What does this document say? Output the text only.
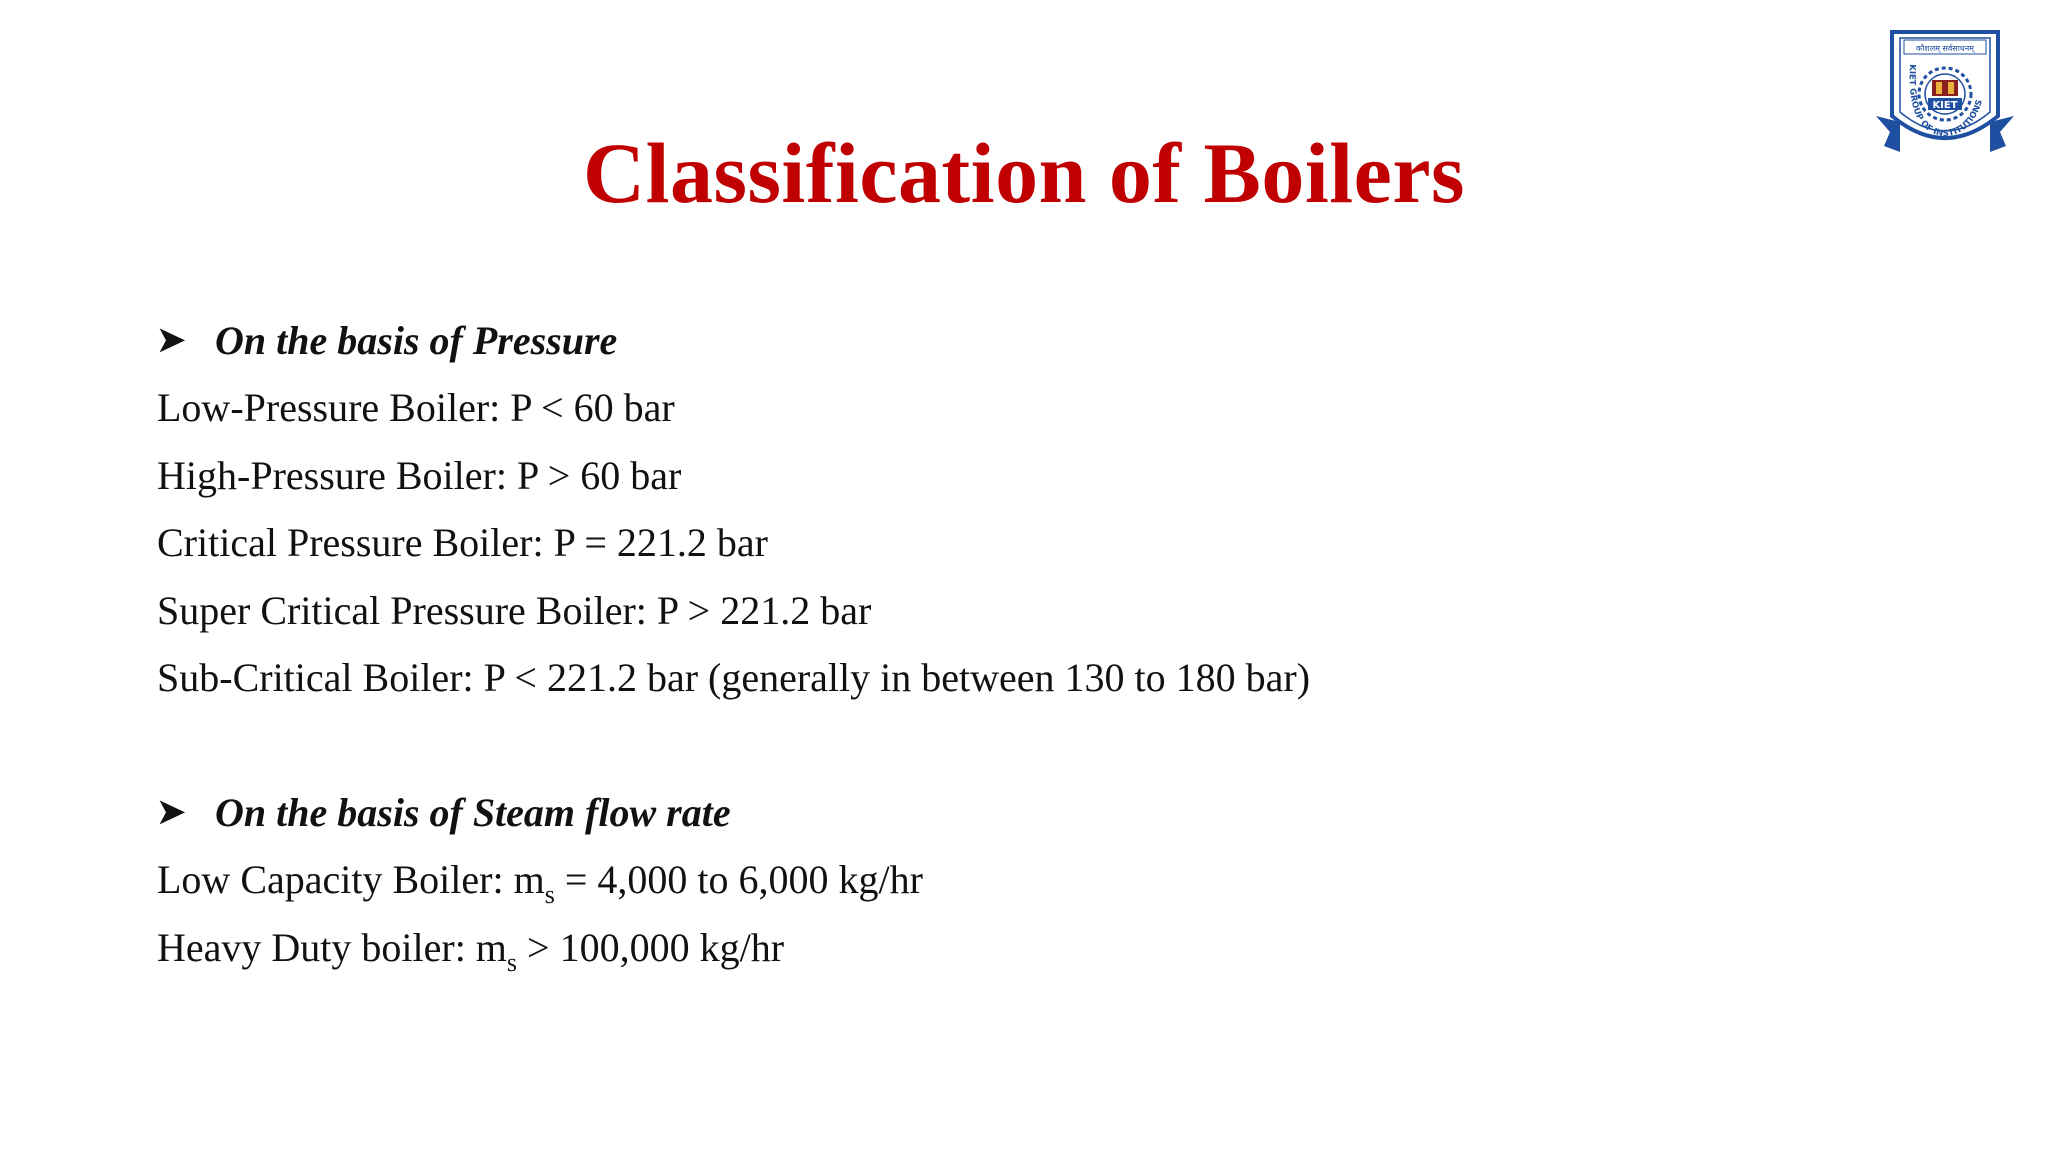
Classification of Boilers
कौशलम् सर्वसाधनम्
KIET
KIET GROUP OF INSTITUTIONS
➤ On the basis of Pressure
Low-Pressure Boiler: P < 60 bar
High-Pressure Boiler: P > 60 bar
Critical Pressure Boiler: P = 221.2 bar
Super Critical Pressure Boiler: P > 221.2 bar
Sub-Critical Boiler: P < 221.2 bar (generally in between 130 to 180 bar)
➤ On the basis of Steam flow rate
Low Capacity Boiler: $m_s = 4,000$ to 6,000 kg/hr
Heavy Duty boiler: $m_s > 100,000$ kg/hr
